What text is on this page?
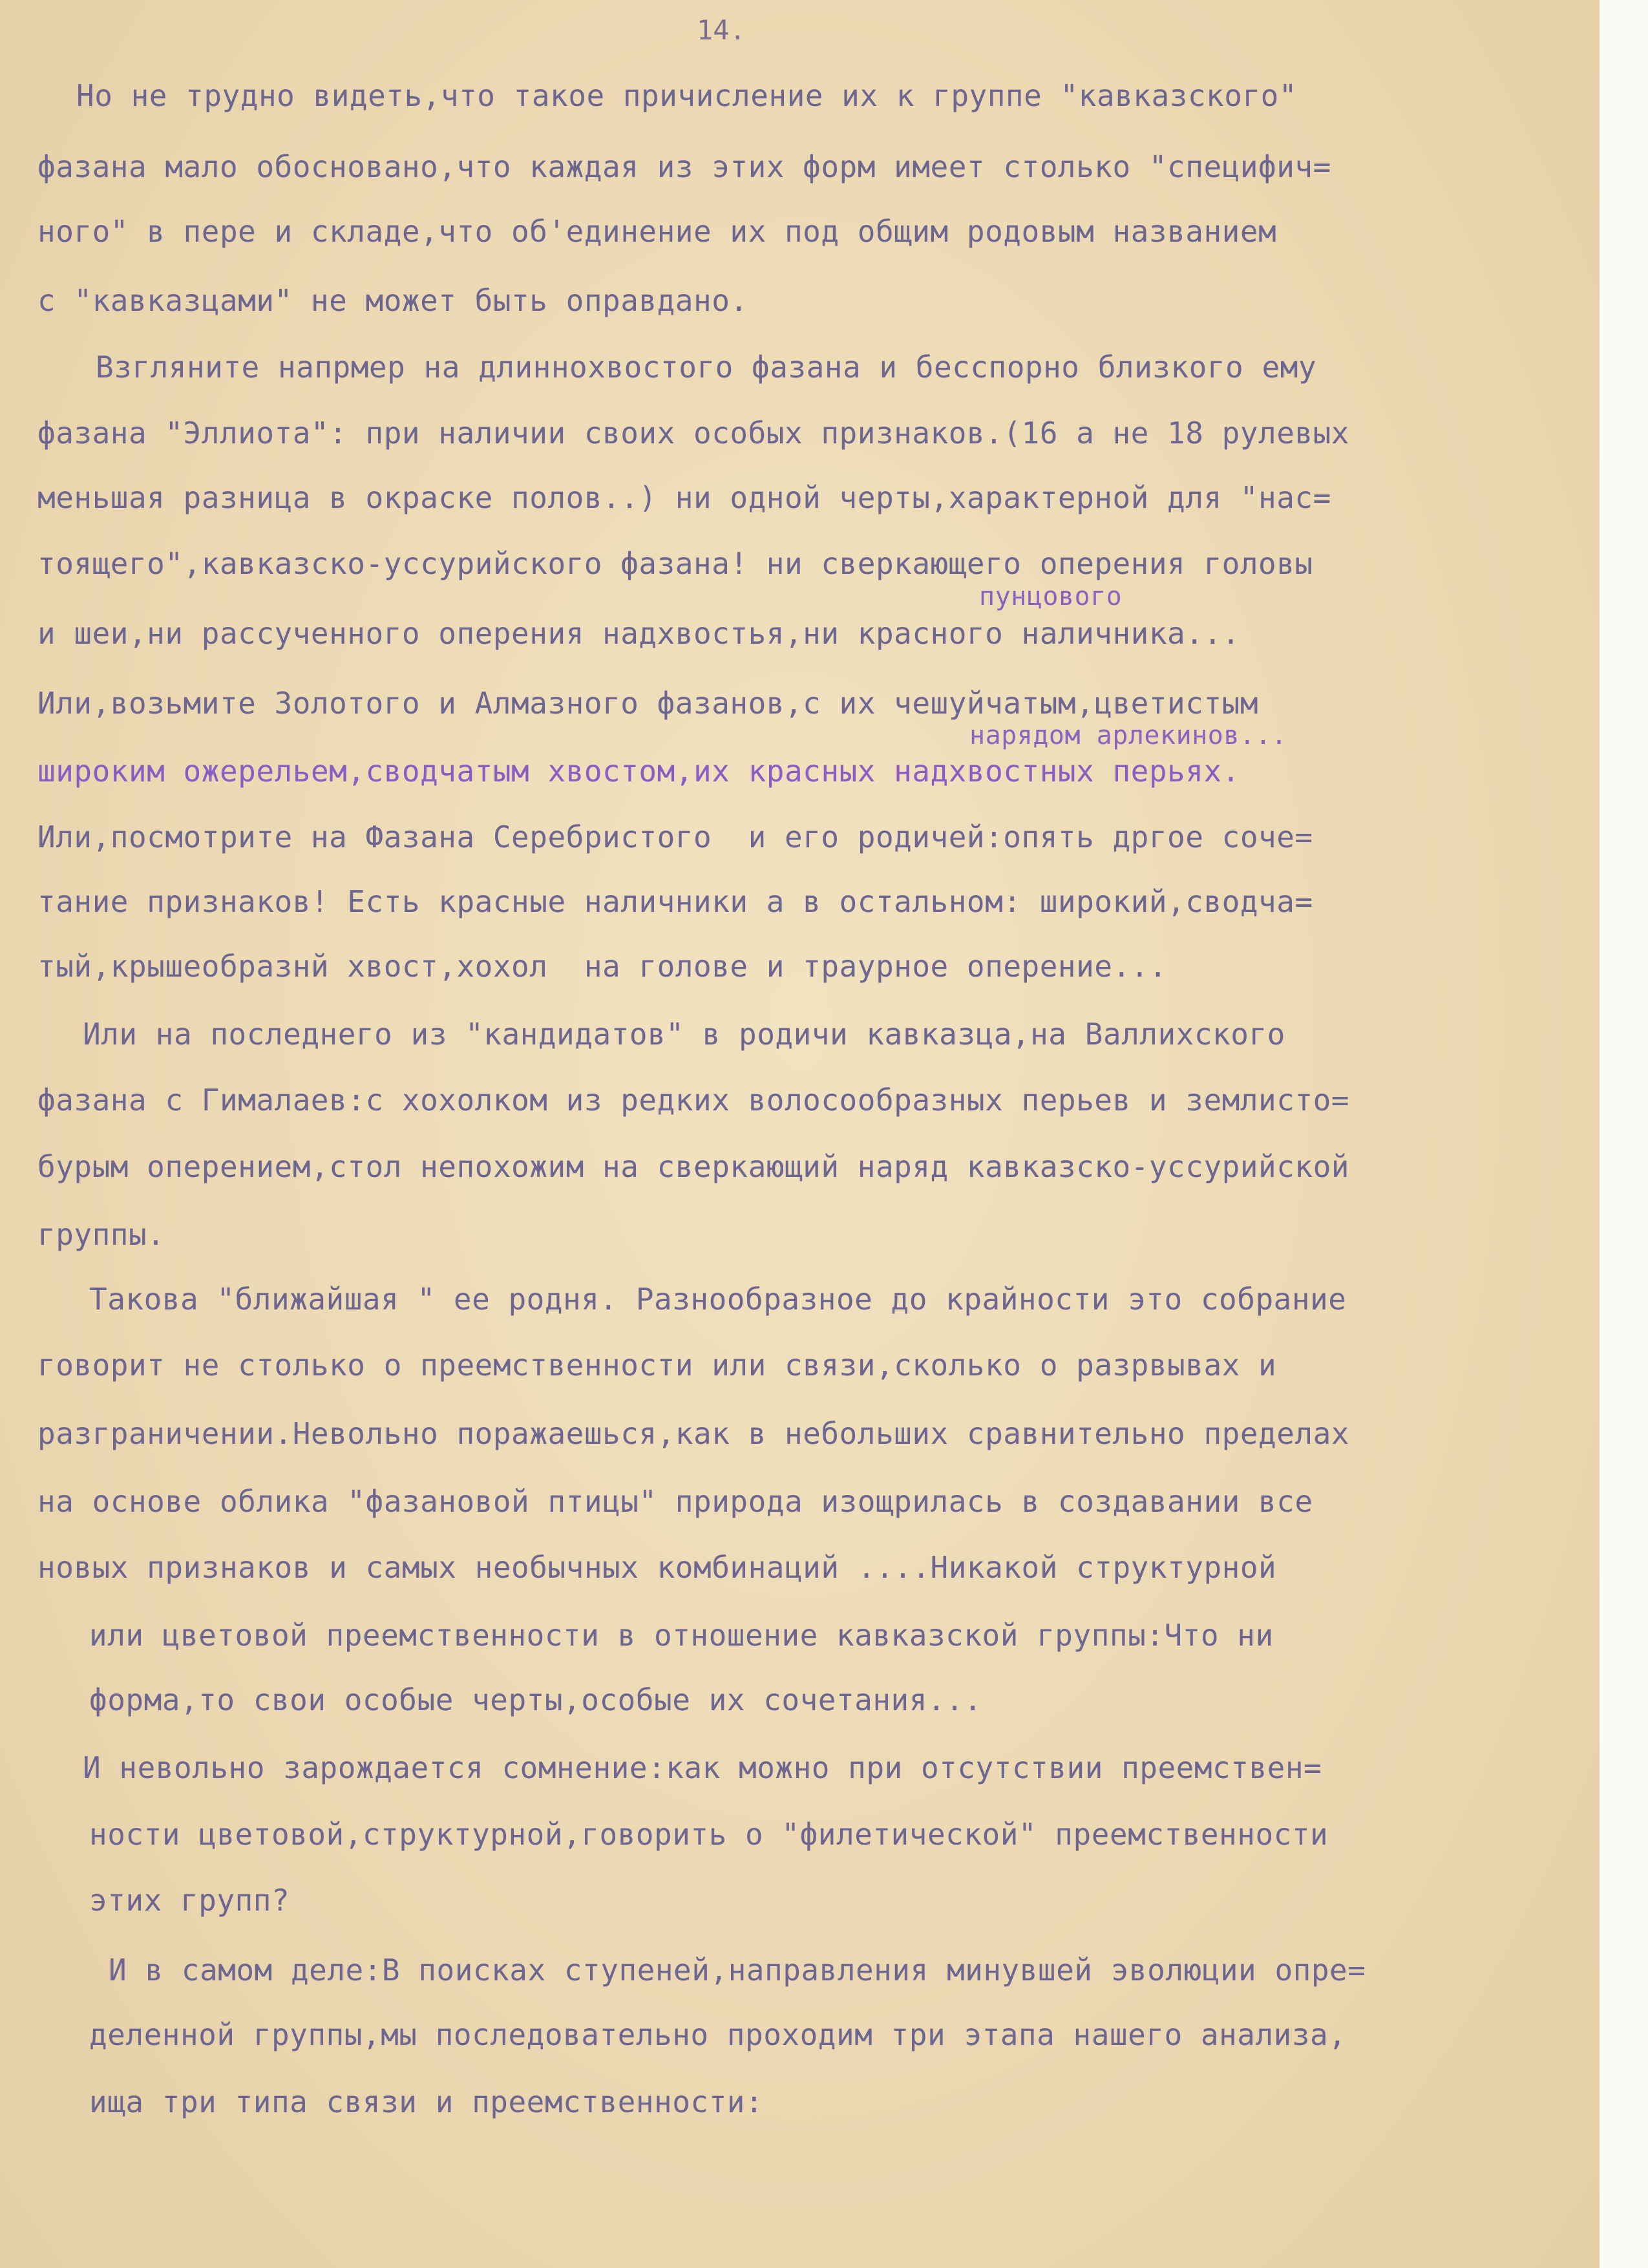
14.

Но не трудно видеть,что такое причисление их к группе "кавказского"

фазана мало обосновано,что каждая из этих форм имеет столько "специфич=

ного" в пере и складе,что об'единение их под общим родовым названием

с "кавказцами" не может быть оправдано.

Взгляните напрмер на длиннохвостого фазана и бесспорно близкого ему

фазана "Эллиота": при наличии своих особых признаков.(16 а не 18 рулевых

меньшая разница в окраске полов..) ни одной черты,характерной для "нас=

тоящего",кавказско-уссурийского фазана! ни сверкающего оперения головы

пунцового

и шеи,ни рассученного оперения надхвостья,ни красного наличника...

Или,возьмите Золотого и Алмазного фазанов,с их чешуйчатым,цветистым

нарядом арлекинов...

широким ожерельем,сводчатым хвостом,их красных надхвостных перьях.

Или,посмотрите на Фазана Серебристого  и его родичей:опять дргое соче=

тание признаков! Есть красные наличники а в остальном: широкий,сводча=

тый,крышеобразнй хвост,хохол  на голове и траурное оперение...

Или на последнего из "кандидатов" в родичи кавказца,на Валлихского

фазана с Гималаев:с хохолком из редких волосообразных перьев и землисто=

бурым оперением,стол непохожим на сверкающий наряд кавказско-уссурийской

группы.

Такова "ближайшая " ее родня. Разнообразное до крайности это собрание

говорит не столько о преемственности или связи,сколько о разрвывах и

разграничении.Невольно поражаешься,как в небольших сравнительно пределах

на основе облика "фазановой птицы" природа изощрилась в создавании все

новых признаков и самых необычных комбинаций ....Никакой структурной

или цветовой преемственности в отношение кавказской группы:Что ни

форма,то свои особые черты,особые их сочетания...

И невольно зарождается сомнение:как можно при отсутствии преемствен=

ности цветовой,структурной,говорить о "филетической" преемственности

этих групп?

И в самом деле:В поисках ступеней,направления минувшей эволюции опре=

деленной группы,мы последовательно проходим три этапа нашего анализа,

ища три типа связи и преемственности:
